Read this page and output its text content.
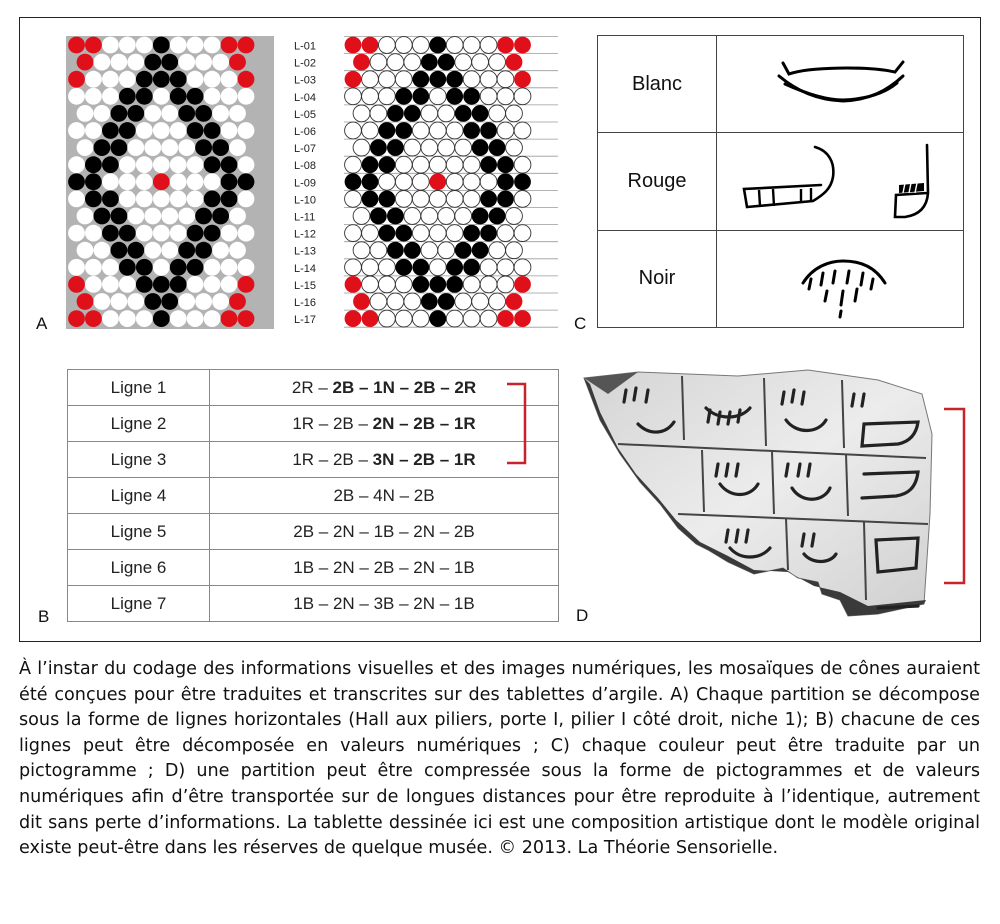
A
L-01
L-02
L-03
L-04
L-05
L-06
L-07
L-08
L-09
L-10
L-11
L-12
L-13
L-14
L-15
L-16
L-17
Blanc	

Rouge	

Noir	
C
Ligne 1	2R – 2B – 1N – 2B – 2R
Ligne 2	1R – 2B – 2N – 2B – 1R
Ligne 3	1R – 2B – 3N – 2B – 1R
Ligne 4	2B – 4N – 2B
Ligne 5	2B – 2N – 1B – 2N – 2B
Ligne 6	1B – 2N – 2B – 2N – 1B
Ligne 7	1B – 2N – 3B – 2N – 1B
B	D

À l’instar du codage des informations visuelles et des images numériques, les mosaïques de cônes auraient été conçues pour être traduites et transcrites sur des tablettes d’argile. A) Chaque partition se décompose sous la forme de lignes horizontales (Hall aux piliers, porte I, pilier I côté droit, niche 1); B) chacune de ces lignes peut être décomposée en valeurs numériques ; C) chaque couleur peut être traduite par un pictogramme ; D) une partition peut être compressée sous la forme de pictogrammes et de valeurs numériques afin d’être transportée sur de longues distances pour être reproduite à l’identique, autrement dit sans perte d’informations. La tablette dessinée ici est une composition artistique dont le modèle original existe peut-être dans les réserves de quelque musée. © 2013. La Théorie Sensorielle.
